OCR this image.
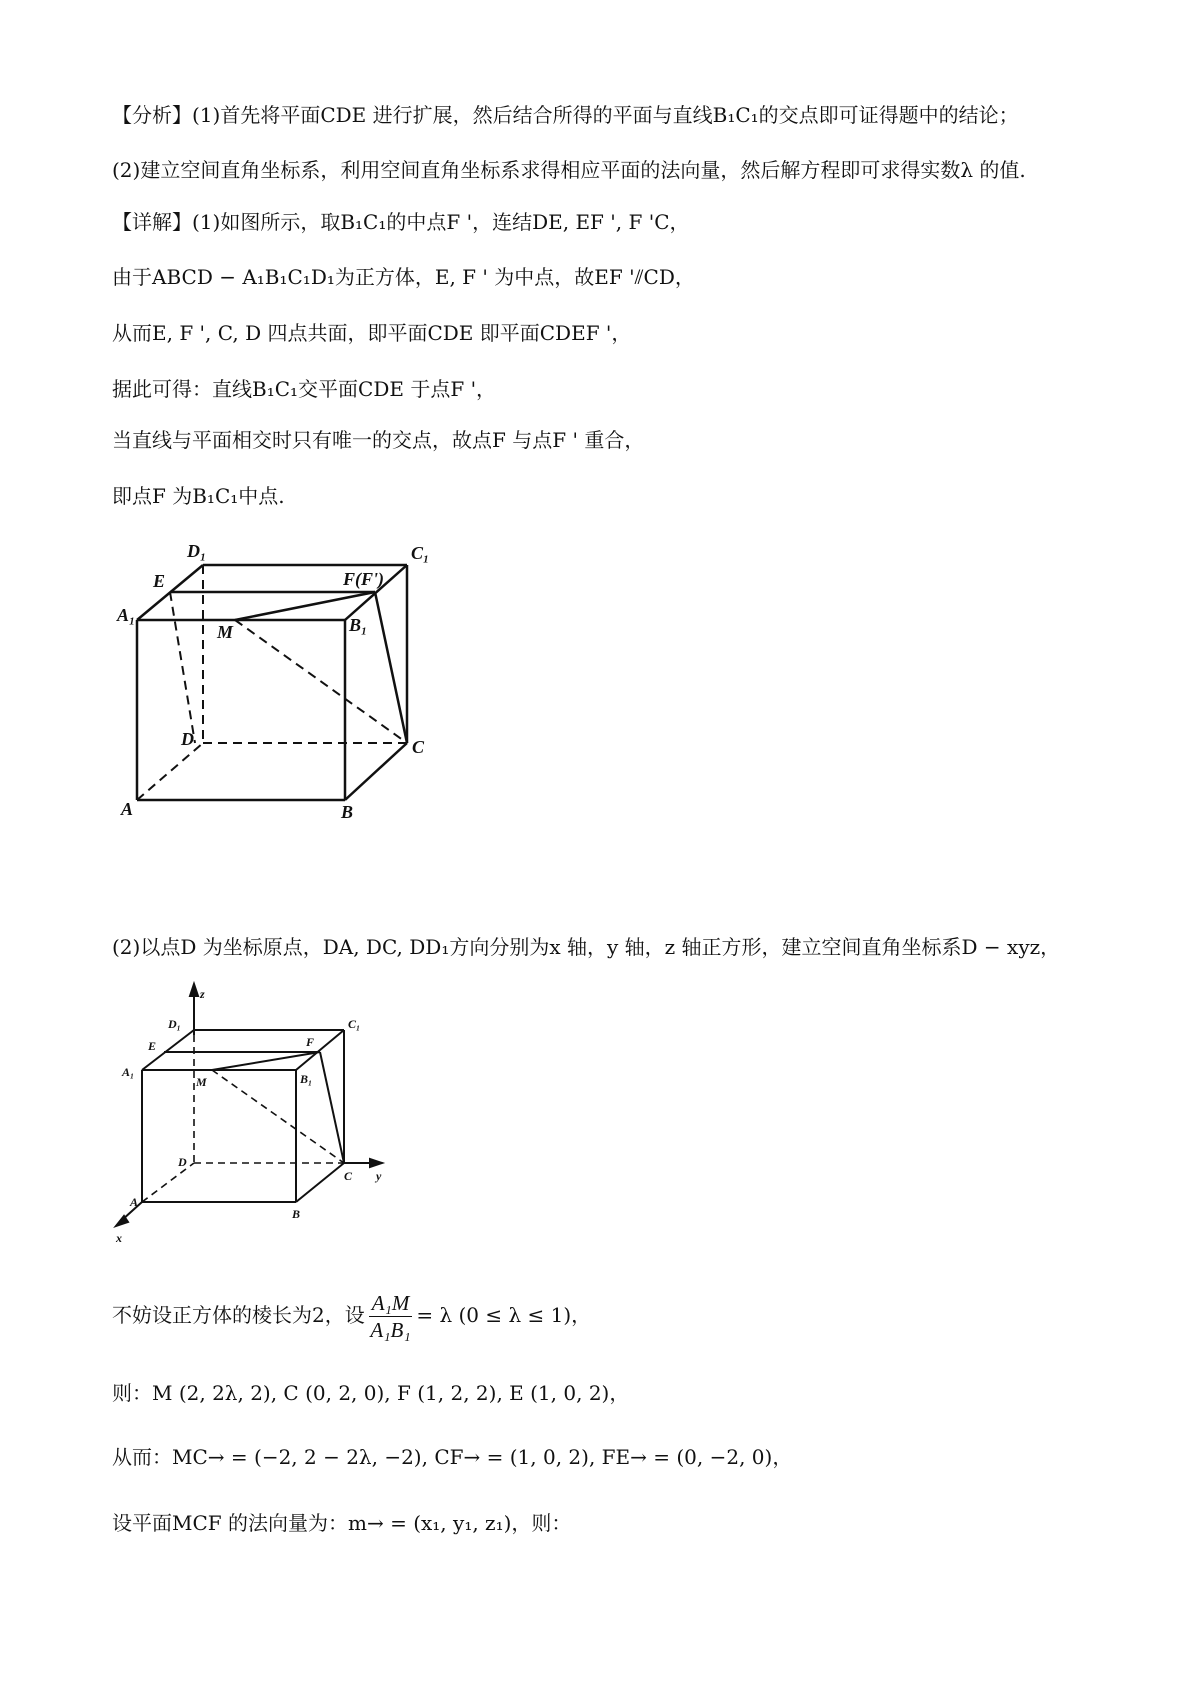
【分析】(1)首先将平面CDE 进行扩展，然后结合所得的平面与直线B₁C₁的交点即可证得题中的结论；
(2)建立空间直角坐标系，利用空间直角坐标系求得相应平面的法向量，然后解方程即可求得实数λ 的值.
【详解】(1)如图所示，取B₁C₁的中点F '，连结DE, EF ', F 'C，
由于ABCD − A₁B₁C₁D₁为正方体，E, F ' 为中点，故EF '⫽CD，
从而E, F ', C, D 四点共面，即平面CDE 即平面CDEF '，
据此可得：直线B₁C₁交平面CDE 于点F '，
当直线与平面相交时只有唯一的交点，故点F 与点F ' 重合，
即点F 为B₁C₁中点.
D₁	C₁
E	F(F')
A₁
M	B₁
D	C
A	B
(2)以点D 为坐标原点，DA, DC, DD₁方向分别为x 轴，y 轴，z 轴正方形，建立空间直角坐标系D − xyz，
z
D₁	C₁
E	F
A₁
M	B₁
D
C y
A
B
x
不妨设正方体的棱长为2，设 $\frac{\text{A₁M}}{\text{A₁B₁}} = \lambda$ (0 ≤ λ ≤ 1)，
则：M (2, 2λ, 2), C (0, 2, 0), F (1, 2, 2), E (1, 0, 2)，
从而：MC→ = (−2, 2 − 2λ, −2), CF→ = (1, 0, 2), FE→ = (0, −2, 0)，
设平面MCF 的法向量为：m→ = (x₁, y₁, z₁)，则：
